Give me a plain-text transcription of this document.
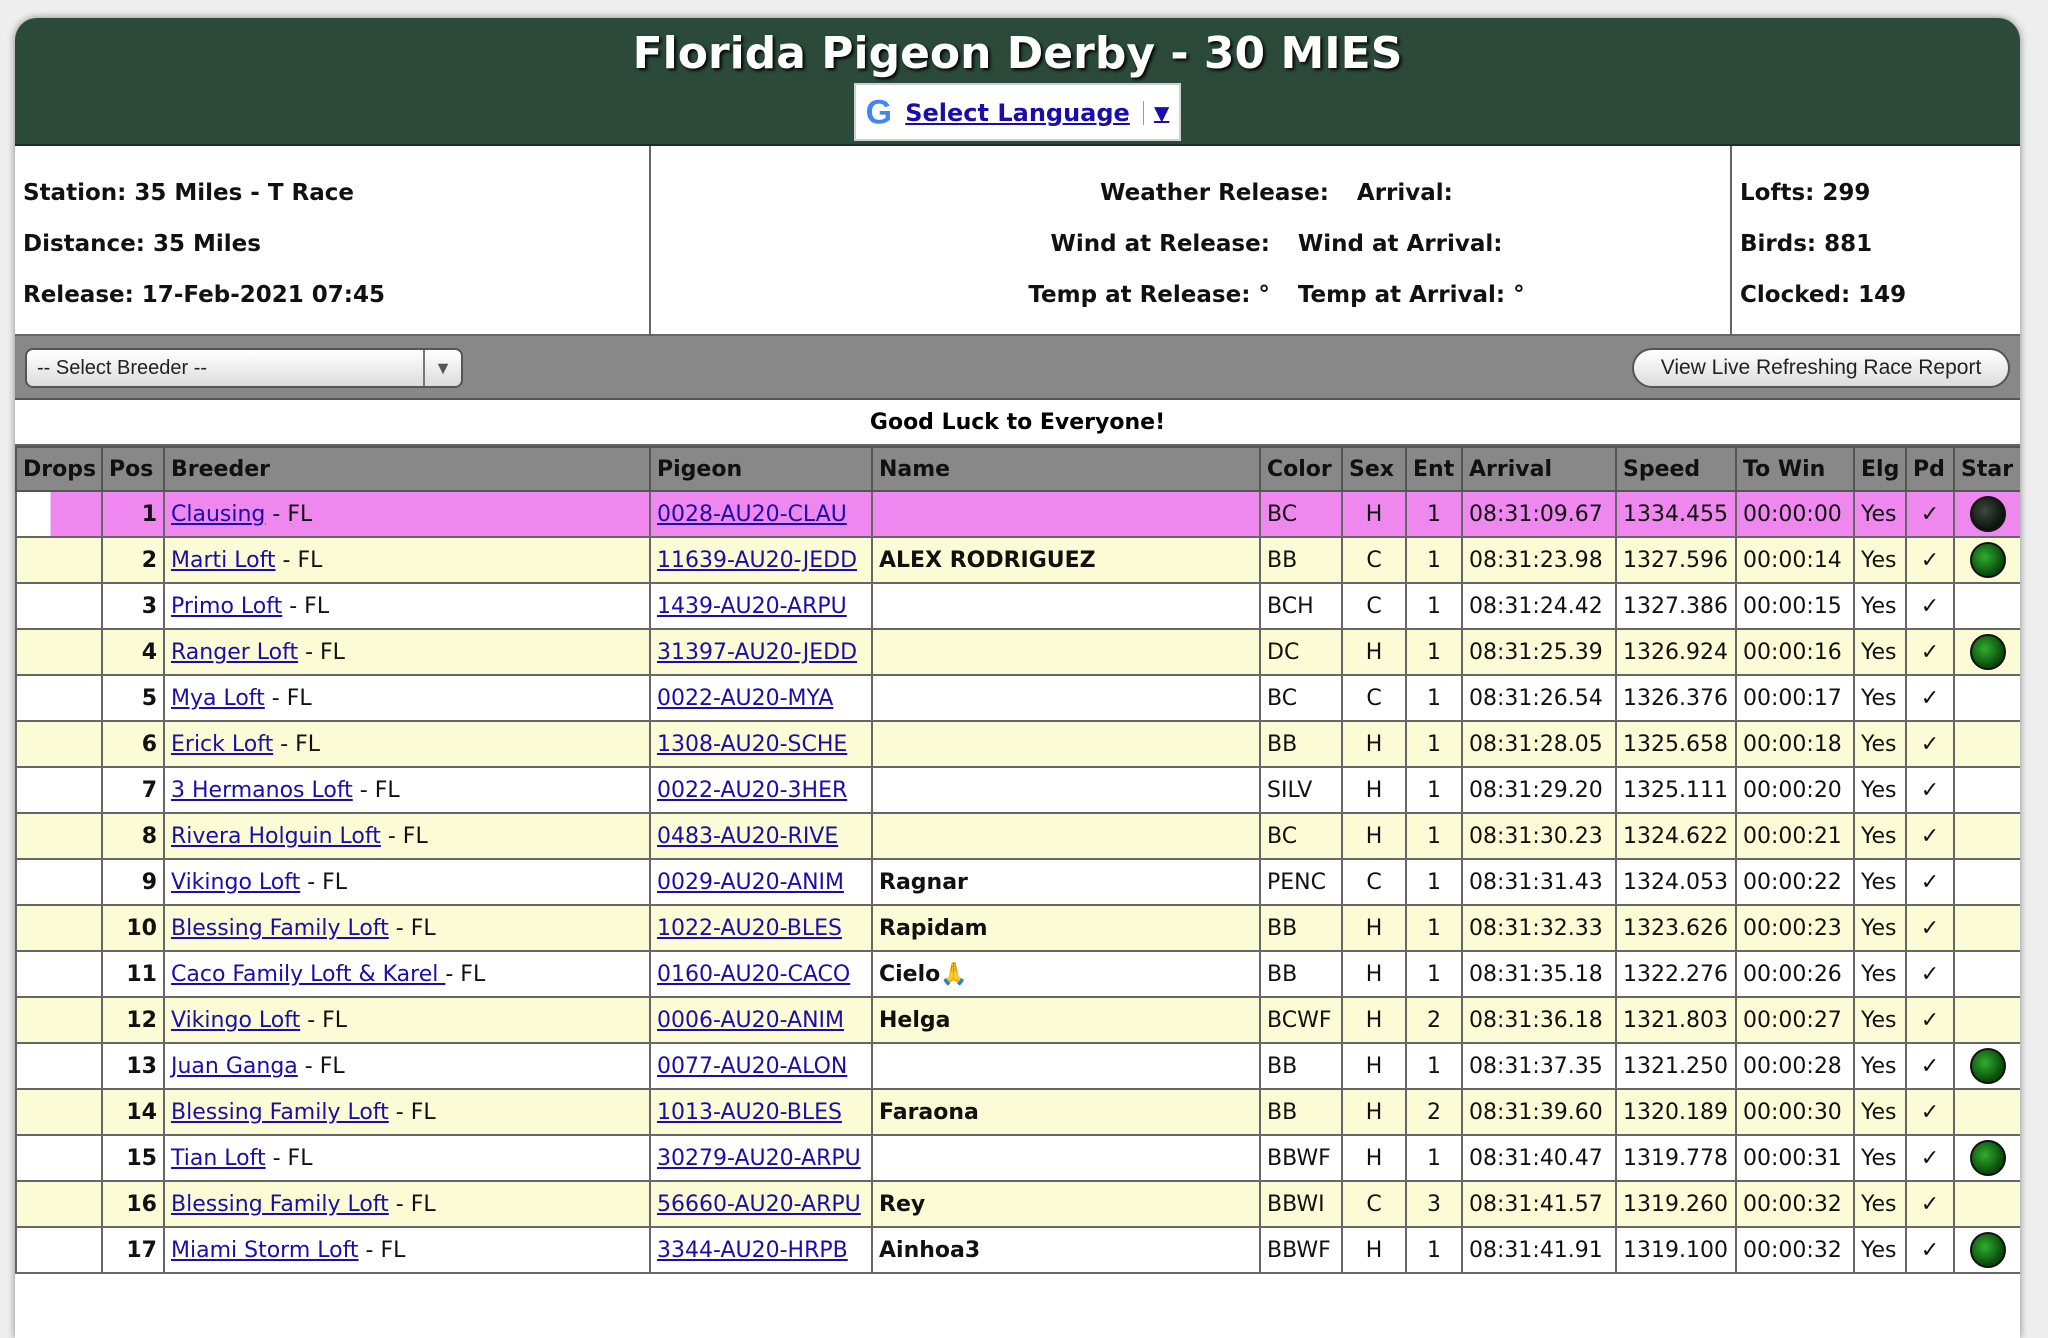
Florida Pigeon Derby - 30 MIES
G Select Language ▼
Station: 35 Miles - T Race
Distance: 35 Miles
Release: 17-Feb-2021 07:45
Weather Release: Arrival:
Wind at Release: Wind at Arrival:
Temp at Release: ° Temp at Arrival: °
Lofts: 299
Birds: 881
Clocked: 149
-- Select Breeder --	▼	View Live Refreshing Race Report
Good Luck to Everyone!
Drops	Pos	Breeder	Pigeon	Name	Color	Sex	Ent	Arrival	Speed	To Win	Elg	Pd	Star
	1	Clausing - FL	0028-AU20-CLAU		BC	H	1	08:31:09.67	1334.455	00:00:00	Yes	✓	
	2	Marti Loft - FL	11639-AU20-JEDD	ALEX RODRIGUEZ	BB	C	1	08:31:23.98	1327.596	00:00:14	Yes	✓	
	3	Primo Loft - FL	1439-AU20-ARPU		BCH	C	1	08:31:24.42	1327.386	00:00:15	Yes	✓	
	4	Ranger Loft - FL	31397-AU20-JEDD		DC	H	1	08:31:25.39	1326.924	00:00:16	Yes	✓	
	5	Mya Loft - FL	0022-AU20-MYA		BC	C	1	08:31:26.54	1326.376	00:00:17	Yes	✓	
	6	Erick Loft - FL	1308-AU20-SCHE		BB	H	1	08:31:28.05	1325.658	00:00:18	Yes	✓	
	7	3 Hermanos Loft - FL	0022-AU20-3HER		SILV	H	1	08:31:29.20	1325.111	00:00:20	Yes	✓	
	8	Rivera Holguin Loft - FL	0483-AU20-RIVE		BC	H	1	08:31:30.23	1324.622	00:00:21	Yes	✓	
	9	Vikingo Loft - FL	0029-AU20-ANIM	Ragnar	PENC	C	1	08:31:31.43	1324.053	00:00:22	Yes	✓	
	10	Blessing Family Loft - FL	1022-AU20-BLES	Rapidam	BB	H	1	08:31:32.33	1323.626	00:00:23	Yes	✓	
	11	Caco Family Loft & Karel - FL	0160-AU20-CACO	Cielo🙏	BB	H	1	08:31:35.18	1322.276	00:00:26	Yes	✓	
	12	Vikingo Loft - FL	0006-AU20-ANIM	Helga	BCWF	H	2	08:31:36.18	1321.803	00:00:27	Yes	✓	
	13	Juan Ganga - FL	0077-AU20-ALON		BB	H	1	08:31:37.35	1321.250	00:00:28	Yes	✓	
	14	Blessing Family Loft - FL	1013-AU20-BLES	Faraona	BB	H	2	08:31:39.60	1320.189	00:00:30	Yes	✓	
	15	Tian Loft - FL	30279-AU20-ARPU		BBWF	H	1	08:31:40.47	1319.778	00:00:31	Yes	✓	
	16	Blessing Family Loft - FL	56660-AU20-ARPU	Rey	BBWI	C	3	08:31:41.57	1319.260	00:00:32	Yes	✓	
	17	Miami Storm Loft - FL	3344-AU20-HRPB	Ainhoa3	BBWF	H	1	08:31:41.91	1319.100	00:00:32	Yes	✓	
